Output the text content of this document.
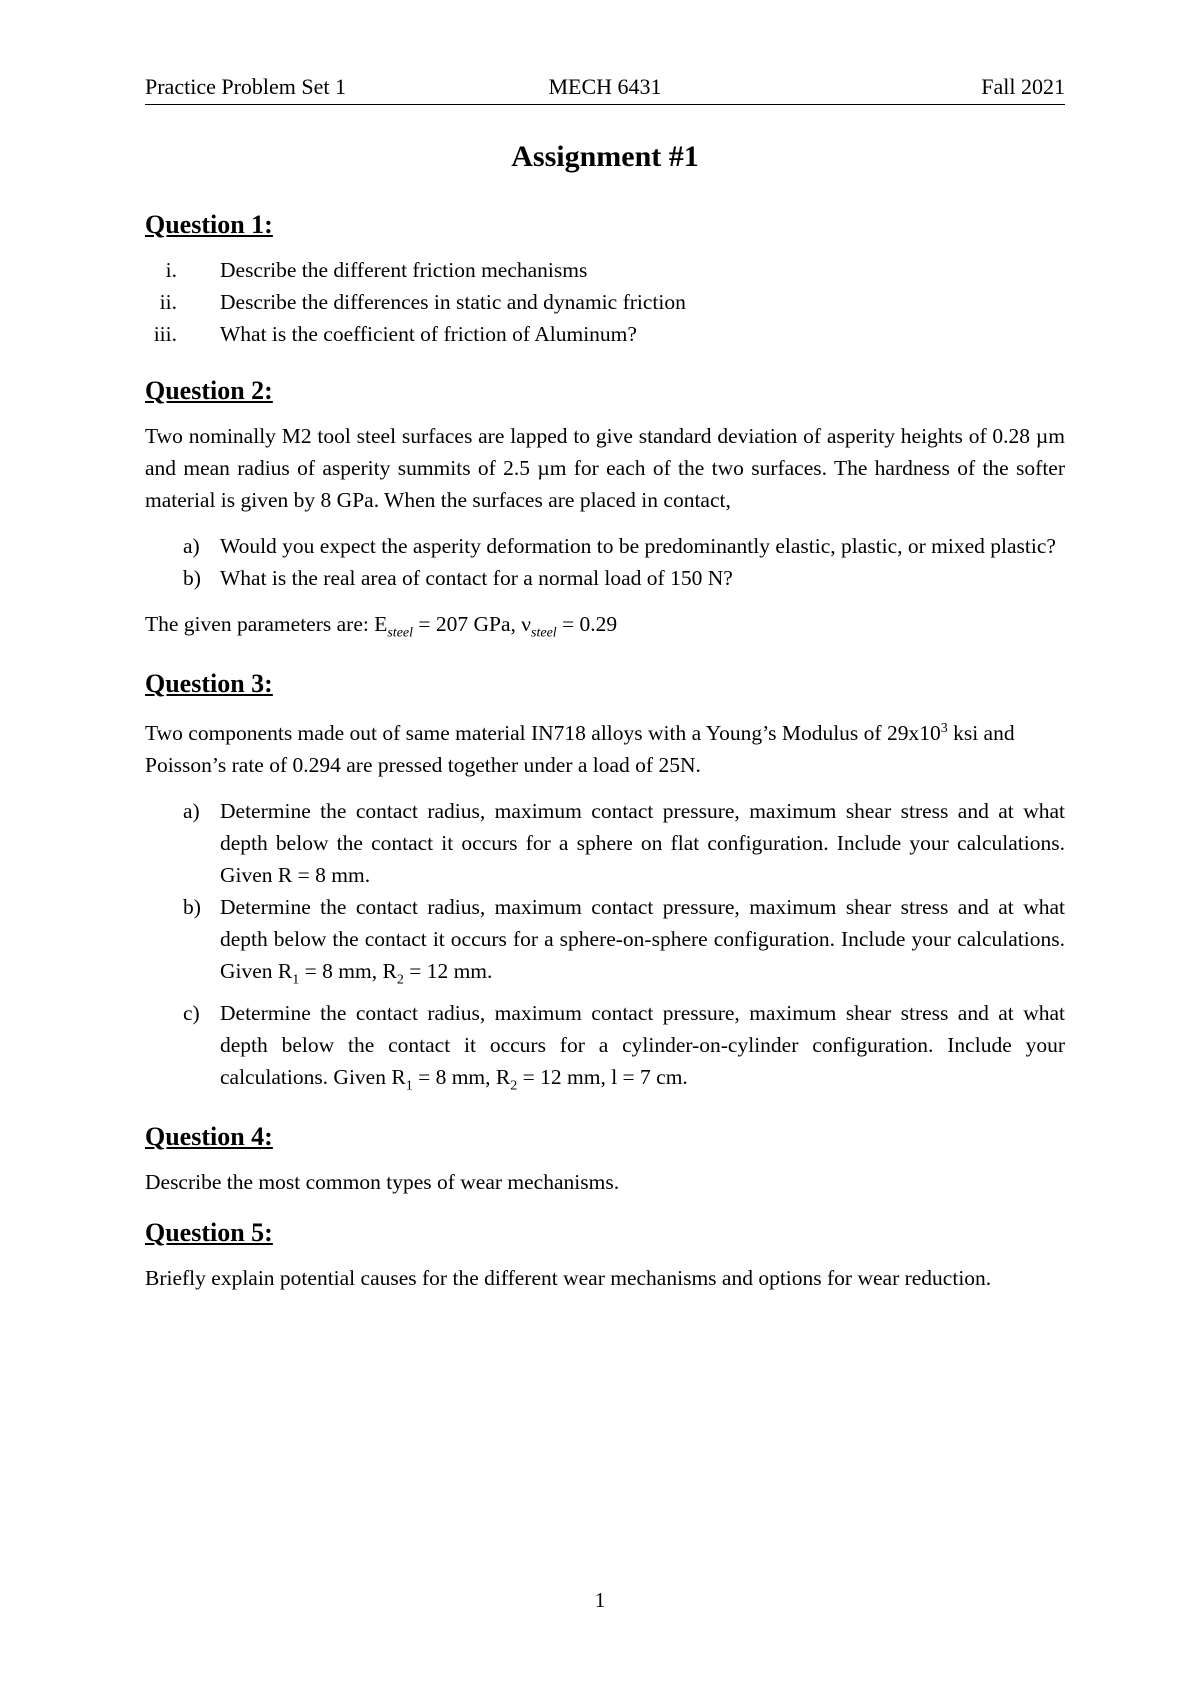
Practice Problem Set 1	MECH 6431	Fall 2021
Assignment #1
Question 1:
i. Describe the different friction mechanisms
ii. Describe the differences in static and dynamic friction
iii. What is the coefficient of friction of Aluminum?
Question 2:

Two nominally M2 tool steel surfaces are lapped to give standard deviation of asperity heights of 0.28 µm and mean radius of asperity summits of 2.5 µm for each of the two surfaces. The hardness of the softer material is given by 8 GPa. When the surfaces are placed in contact,

a) Would you expect the asperity deformation to be predominantly elastic, plastic, or mixed plastic?
b) What is the real area of contact for a normal load of 150 N?

The given parameters are: $E_{steel} = 207$ GPa, $\nu_{steel} = 0.29$

Question 3:

Two components made out of same material IN718 alloys with a Young’s Modulus of $29x10^3$ ksi and Poisson’s rate of 0.294 are pressed together under a load of 25N.

a) Determine the contact radius, maximum contact pressure, maximum shear stress and at what depth below the contact it occurs for a sphere on flat configuration. Include your calculations. Given R = 8 mm.
b) Determine the contact radius, maximum contact pressure, maximum shear stress and at what depth below the contact it occurs for a sphere-on-sphere configuration. Include your calculations. Given $R_1 = 8$ mm, $R_2 = 12$ mm.
c) Determine the contact radius, maximum contact pressure, maximum shear stress and at what depth below the contact it occurs for a cylinder-on-cylinder configuration. Include your calculations. Given $R_1 = 8$ mm, $R_2 = 12$ mm, l = 7 cm.
Question 4:

Describe the most common types of wear mechanisms.

Question 5:

Briefly explain potential causes for the different wear mechanisms and options for wear reduction.

1
